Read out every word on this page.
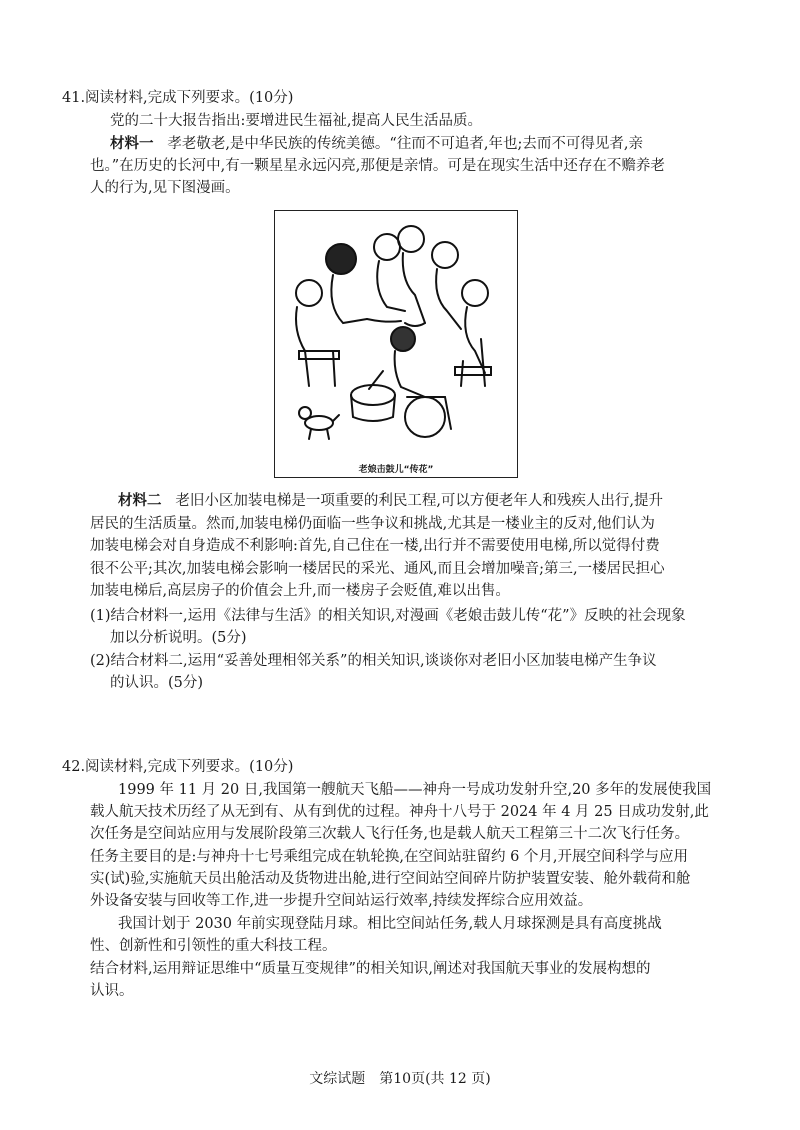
41.阅读材料,完成下列要求。(10分)

党的二十大报告指出:要增进民生福祉,提高人民生活品质。

材料一 孝老敬老,是中华民族的传统美德。“往而不可追者,年也;去而不可得见者,亲

也。”在历史的长河中,有一颗星星永远闪亮,那便是亲情。可是在现实生活中还存在不赡养老

人的行为,见下图漫画。

老娘击鼓儿“传花”

材料二 老旧小区加装电梯是一项重要的利民工程,可以方便老年人和残疾人出行,提升

居民的生活质量。然而,加装电梯仍面临一些争议和挑战,尤其是一楼业主的反对,他们认为

加装电梯会对自身造成不利影响:首先,自己住在一楼,出行并不需要使用电梯,所以觉得付费

很不公平;其次,加装电梯会影响一楼居民的采光、通风,而且会增加噪音;第三,一楼居民担心

加装电梯后,高层房子的价值会上升,而一楼房子会贬值,难以出售。

(1)结合材料一,运用《法律与生活》的相关知识,对漫画《老娘击鼓儿传“花”》反映的社会现象

加以分析说明。(5分)

(2)结合材料二,运用“妥善处理相邻关系”的相关知识,谈谈你对老旧小区加装电梯产生争议

的认识。(5分)

42.阅读材料,完成下列要求。(10分)

1999 年 11 月 20 日,我国第一艘航天飞船——神舟一号成功发射升空,20 多年的发展使我国

载人航天技术历经了从无到有、从有到优的过程。神舟十八号于 2024 年 4 月 25 日成功发射,此

次任务是空间站应用与发展阶段第三次载人飞行任务,也是载人航天工程第三十二次飞行任务。

任务主要目的是:与神舟十七号乘组完成在轨轮换,在空间站驻留约 6 个月,开展空间科学与应用

实(试)验,实施航天员出舱活动及货物进出舱,进行空间站空间碎片防护装置安装、舱外载荷和舱

外设备安装与回收等工作,进一步提升空间站运行效率,持续发挥综合应用效益。

我国计划于 2030 年前实现登陆月球。相比空间站任务,载人月球探测是具有高度挑战

性、创新性和引领性的重大科技工程。

结合材料,运用辩证思维中“质量互变规律”的相关知识,阐述对我国航天事业的发展构想的

认识。

文综试题　第10页(共 12 页)
